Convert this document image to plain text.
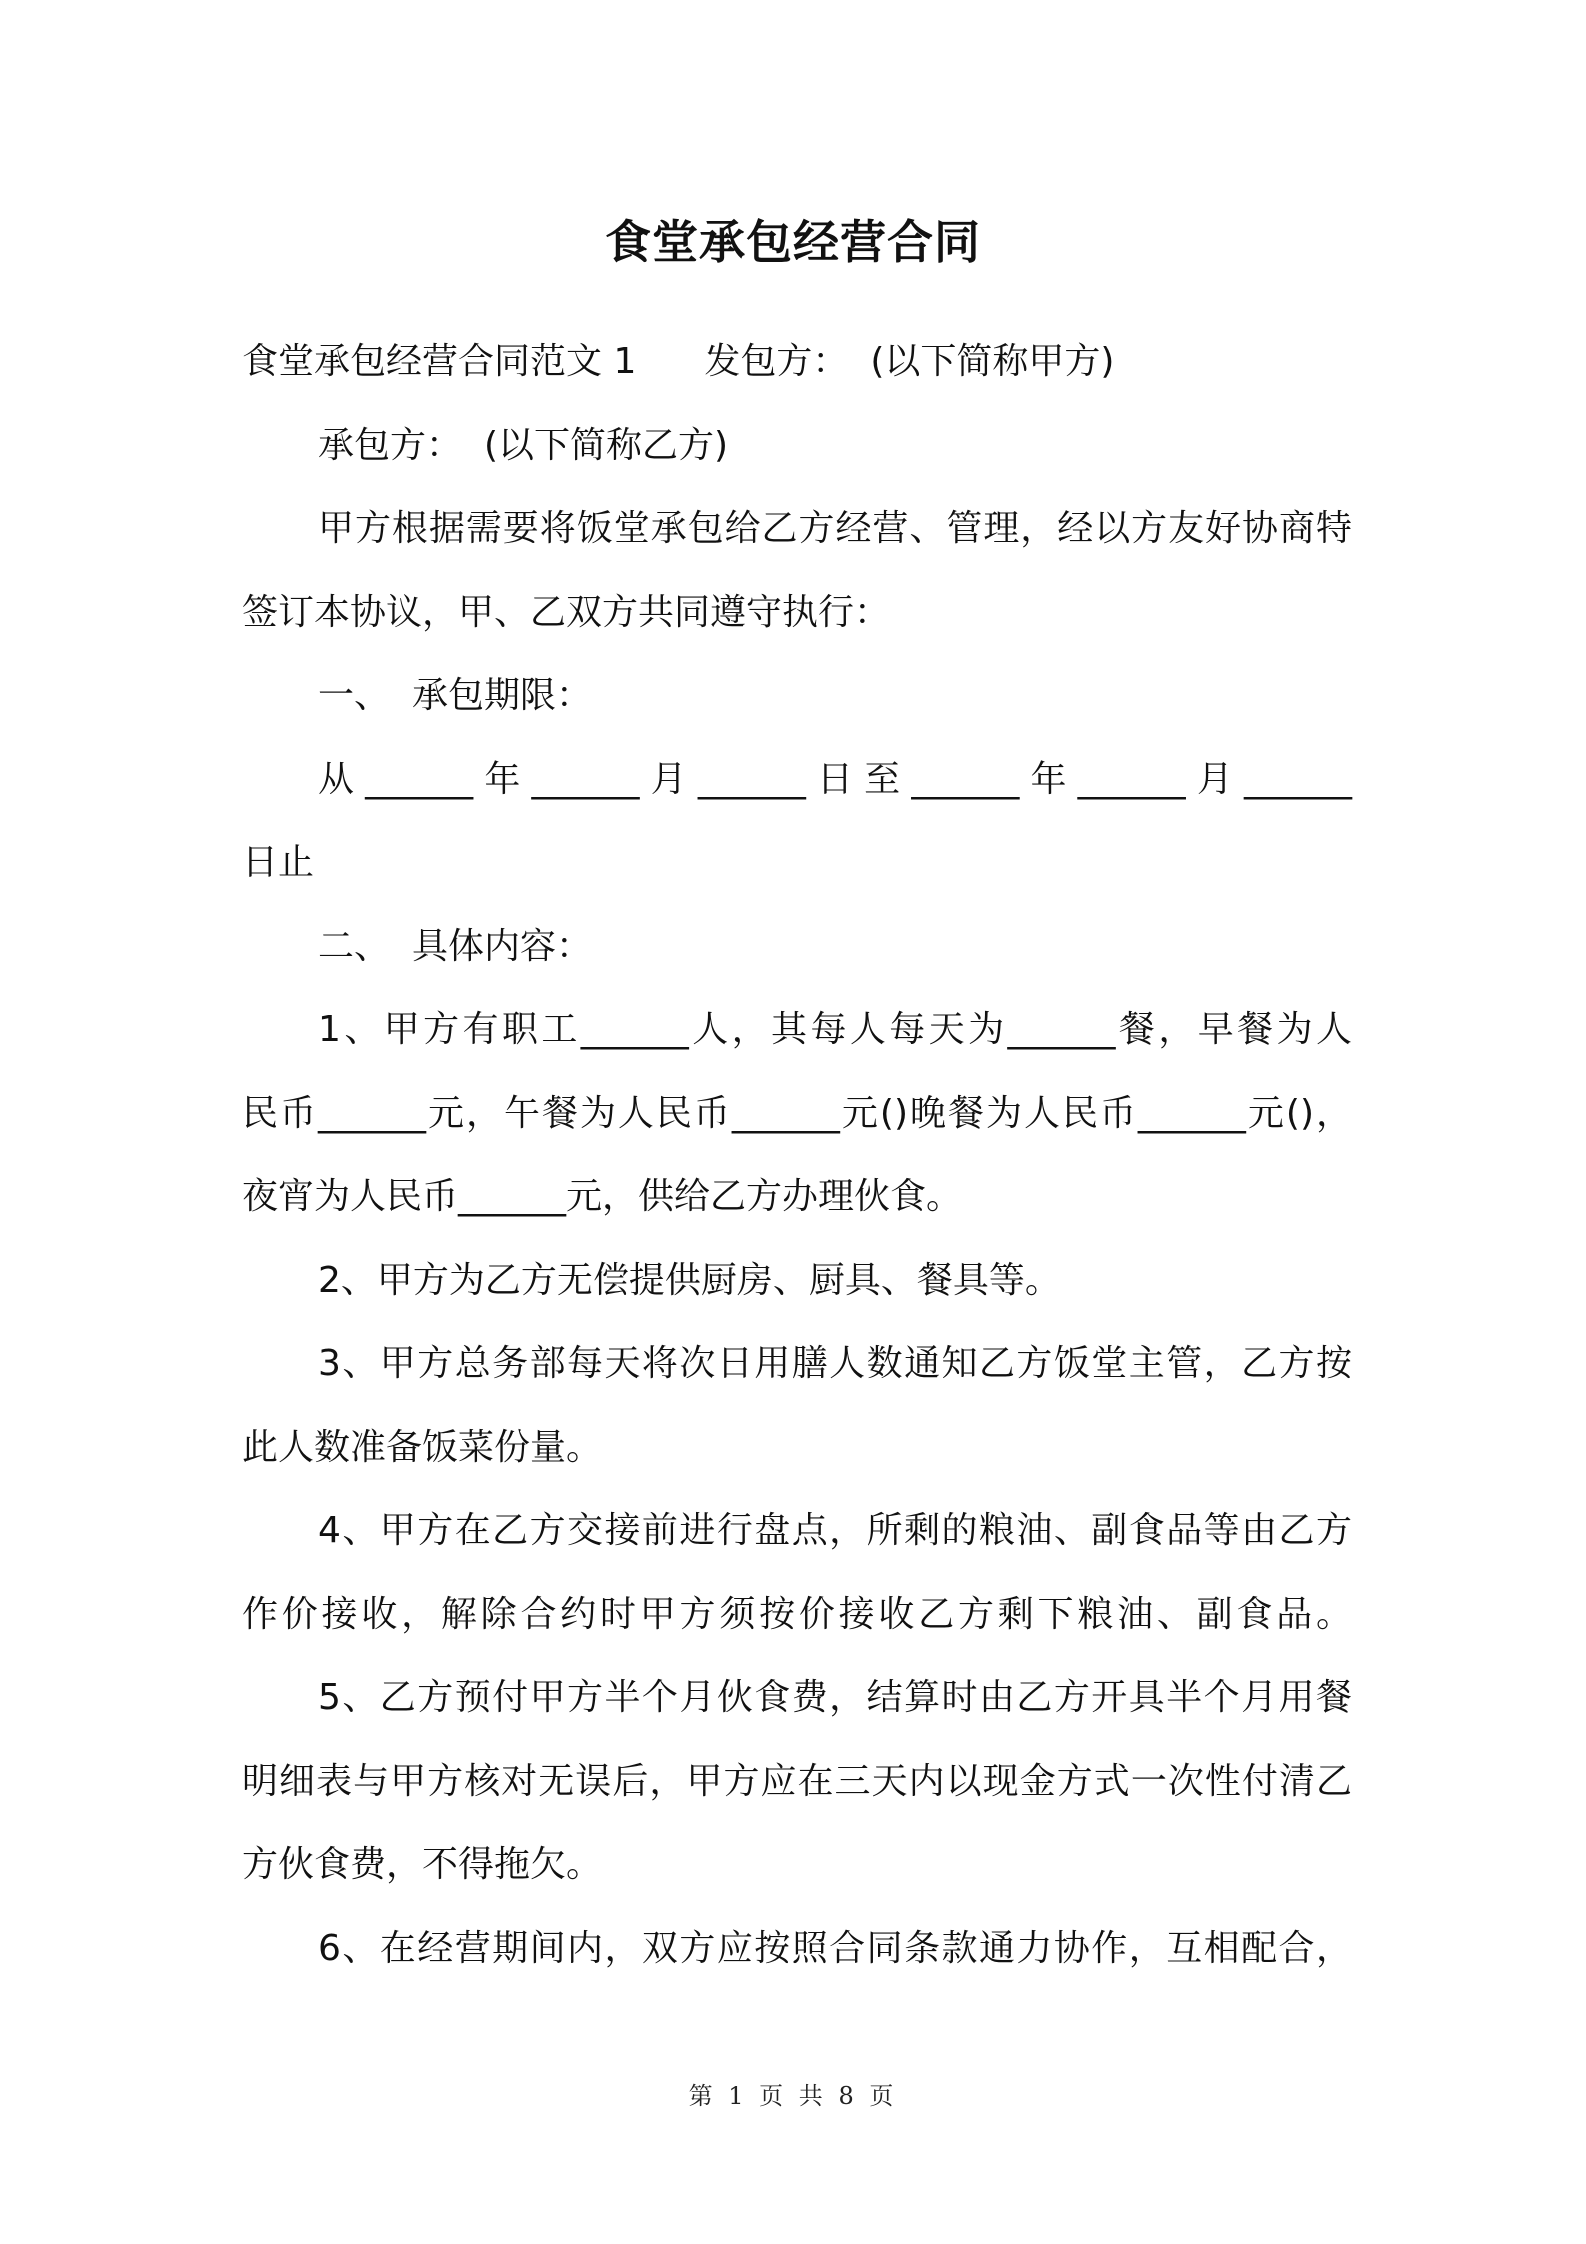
食堂承包经营合同
食堂承包经营合同范文 1 发包方： (以下简称甲方)
承包方： (以下简称乙方)
甲方根据需要将饭堂承包给乙方经营、管理，经以方友好协商特
签订本协议，甲、乙双方共同遵守执行：
一、 承包期限：
从______年______月______日至______年______月______
日止
二、 具体内容：
1、甲方有职工______人，其每人每天为______餐，早餐为人
民币______元，午餐为人民币______元()晚餐为人民币______元()，
夜宵为人民币______元，供给乙方办理伙食。
2、甲方为乙方无偿提供厨房、厨具、餐具等。
3、甲方总务部每天将次日用膳人数通知乙方饭堂主管，乙方按
此人数准备饭菜份量。
4、甲方在乙方交接前进行盘点，所剩的粮油、副食品等由乙方
作价接收，解除合约时甲方须按价接收乙方剩下粮油、副食品。
5、乙方预付甲方半个月伙食费，结算时由乙方开具半个月用餐
明细表与甲方核对无误后，甲方应在三天内以现金方式一次性付清乙
方伙食费，不得拖欠。
6、在经营期间内，双方应按照合同条款通力协作，互相配合，
第 1 页 共 8 页
